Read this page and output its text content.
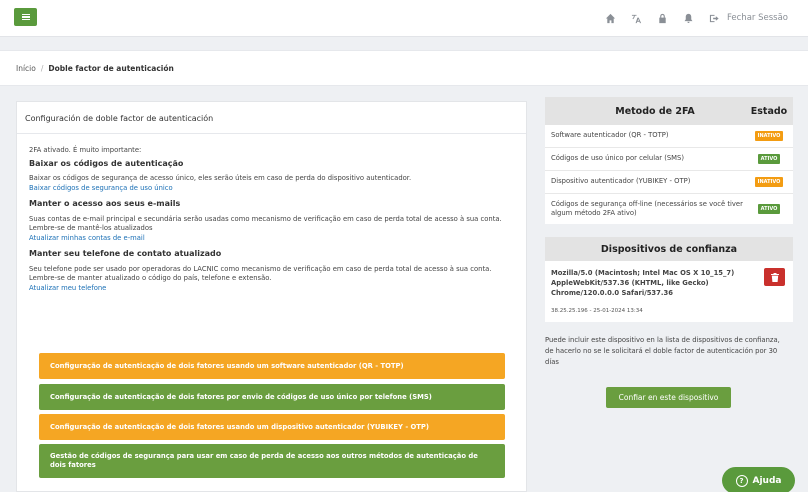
Fechar Sessão
Início / Doble factor de autenticación
Configuración de doble factor de autenticación

2FA ativado. É muito importante:

Baixar os códigos de autenticação

Baixar os códigos de segurança de acesso único, eles serão úteis em caso de perda do dispositivo autenticador.

Baixar códigos de segurança de uso único
Manter o acesso aos seus e-mails

Suas contas de e-mail principal e secundária serão usadas como mecanismo de verificação em caso de perda total de acesso à sua conta. Lembre-se de mantê-los atualizados

Atualizar minhas contas de e-mail
Manter seu telefone de contato atualizado

Seu telefone pode ser usado por operadoras do LACNIC como mecanismo de verificação em caso de perda total de acesso à sua conta. Lembre-se de manter atualizado o código do país, telefone e extensão.

Atualizar meu telefone
Configuração de autenticação de dois fatores usando um software autenticador (QR - TOTP)
Configuração de autenticação de dois fatores por envio de códigos de uso único por telefone (SMS)
Configuração de autenticação de dois fatores usando um dispositivo autenticador (YUBIKEY - OTP)
Gestão de códigos de segurança para usar em caso de perda de acesso aos outros métodos de autenticação de dois fatores
Metodo de 2FA	Estado
Software autenticador (QR - TOTP)	INATIVO
Códigos de uso único por celular (SMS)	ATIVO
Dispositivo autenticador (YUBIKEY - OTP)	INATIVO
Códigos de segurança off-line (necessários se você tiver algum método 2FA ativo)	ATIVO
Dispositivos de confianza
Mozilla/5.0 (Macintosh; Intel Mac OS X 10_15_7) AppleWebKit/537.36 (KHTML, like Gecko) Chrome/120.0.0.0 Safari/537.36
38.25.25.196 - 25-01-2024 13:34
Puede incluir este dispositivo en la lista de dispositivos de confianza, de hacerlo no se le solicitará el doble factor de autenticación por 30 días
Confiar en este dispositivo
? Ajuda
